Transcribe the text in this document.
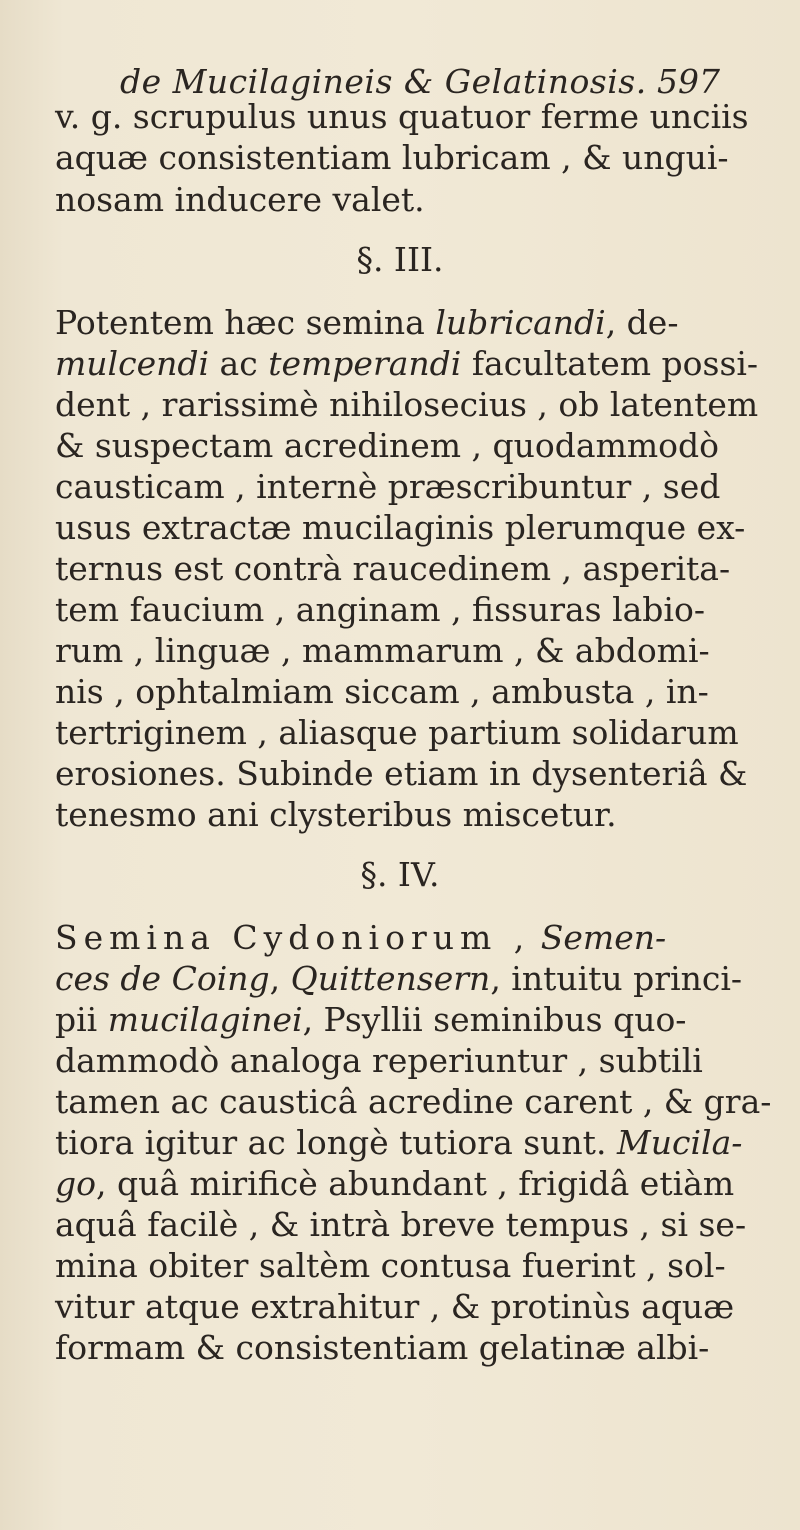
de Mucilagineis & Gelatinosis. 597
v. g. scrupulus unus quatuor ferme unciis
aquæ consistentiam lubricam , & ungui-
nosam inducere valet.
§. III.
Potentem hæc semina lubricandi, de-
mulcendi ac temperandi facultatem possi-
dent , rarissimè nihilosecius , ob latentem
& suspectam acredinem , quodammodò
causticam , internè præscribuntur , sed
usus extractæ mucilaginis plerumque ex-
ternus est contrà raucedinem , asperita-
tem faucium , anginam , fissuras labio-
rum , linguæ , mammarum , & abdomi-
nis , ophtalmiam siccam , ambusta , in-
tertriginem , aliasque partium solidarum
erosiones. Subinde etiam in dysenteriâ &
tenesmo ani clysteribus miscetur.
§. IV.
Semina Cydoniorum , Semen-
ces de Coing, Quittensern, intuitu princi-
pii mucilaginei, Psyllii seminibus quo-
dammodò analoga reperiuntur , subtili
tamen ac causticâ acredine carent , & gra-
tiora igitur ac longè tutiora sunt. Mucila-
go, quâ mirificè abundant , frigidâ etiàm
aquâ facilè , & intrà breve tempus , si se-
mina obiter saltèm contusa fuerint , sol-
vitur atque extrahitur , & protinùs aquæ
formam & consistentiam gelatinæ albi-
